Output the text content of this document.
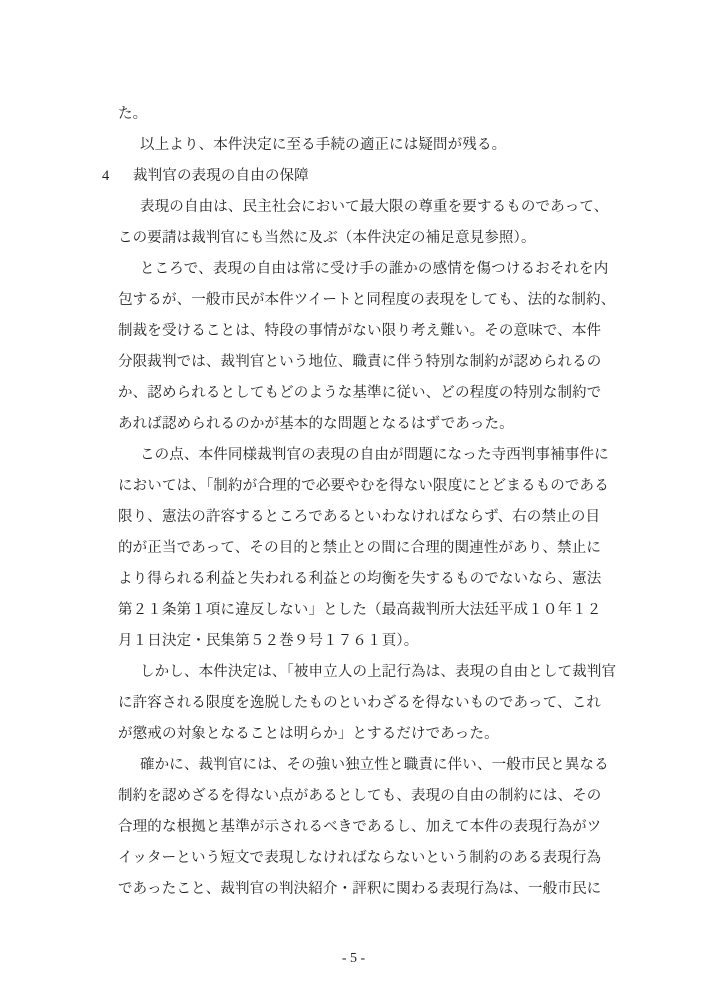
た。
以上より、本件決定に至る手続の適正には疑問が残る。
4 裁判官の表現の自由の保障
表現の自由は、民主社会において最大限の尊重を要するものであって、
この要請は裁判官にも当然に及ぶ（本件決定の補足意見参照）。
ところで、表現の自由は常に受け手の誰かの感情を傷つけるおそれを内
包するが、一般市民が本件ツイートと同程度の表現をしても、法的な制約、
制裁を受けることは、特段の事情がない限り考え難い。その意味で、本件
分限裁判では、裁判官という地位、職責に伴う特別な制約が認められるの
か、認められるとしてもどのような基準に従い、どの程度の特別な制約で
あれば認められるのかが基本的な問題となるはずであった。
この点、本件同様裁判官の表現の自由が問題になった寺西判事補事件に
においては、「制約が合理的で必要やむを得ない限度にとどまるものである
限り、憲法の許容するところであるといわなければならず、右の禁止の目
的が正当であって、その目的と禁止との間に合理的関連性があり、禁止に
より得られる利益と失われる利益との均衡を失するものでないなら、憲法
第２１条第１項に違反しない」とした（最高裁判所大法廷平成１０年１２
月１日決定・民集第５２巻９号１７６１頁）。
しかし、本件決定は、「被申立人の上記行為は、表現の自由として裁判官
に許容される限度を逸脱したものといわざるを得ないものであって、これ
が懲戒の対象となることは明らか」とするだけであった。
確かに、裁判官には、その強い独立性と職責に伴い、一般市民と異なる
制約を認めざるを得ない点があるとしても、表現の自由の制約には、その
合理的な根拠と基準が示されるべきであるし、加えて本件の表現行為がツ
イッターという短文で表現しなければならないという制約のある表現行為
であったこと、裁判官の判決紹介・評釈に関わる表現行為は、一般市民に
- 5 -
